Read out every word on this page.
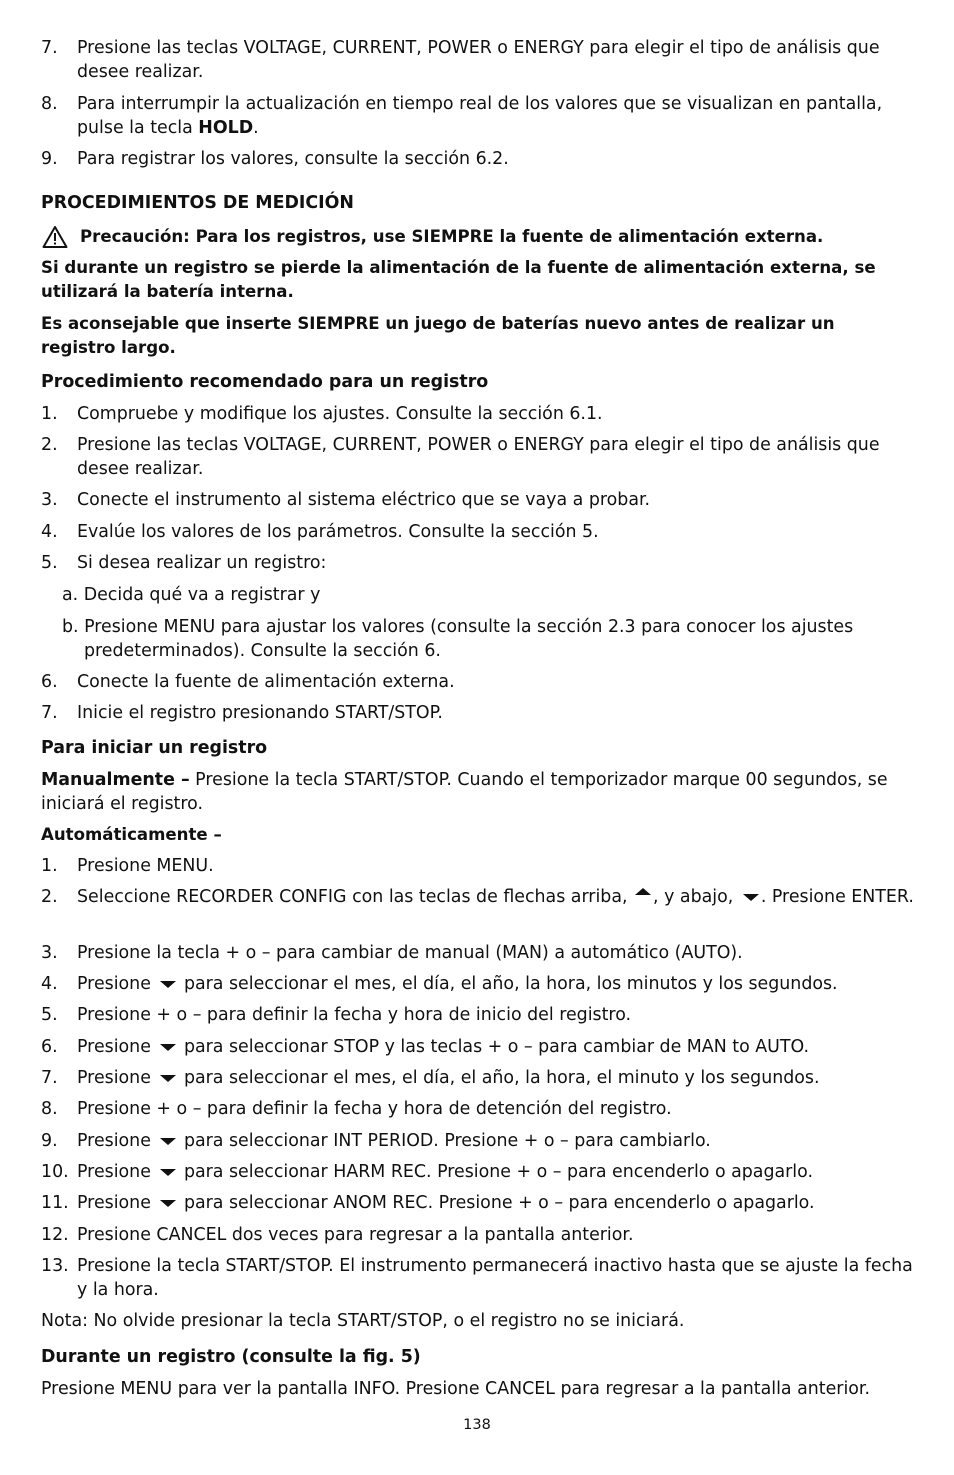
7. Presione las teclas VOLTAGE, CURRENT, POWER o ENERGY para elegir el tipo de análisis que desee realizar.
8. Para interrumpir la actualización en tiempo real de los valores que se visualizan en pantalla, pulse la tecla HOLD.
9. Para registrar los valores, consulte la sección 6.2.
PROCEDIMIENTOS DE MEDICIÓN
Precaución: Para los registros, use SIEMPRE la fuente de alimentación externa.
Si durante un registro se pierde la alimentación de la fuente de alimentación externa, se utilizará la batería interna.
Es aconsejable que inserte SIEMPRE un juego de baterías nuevo antes de realizar un registro largo.
Procedimiento recomendado para un registro
1. Compruebe y modifique los ajustes. Consulte la sección 6.1.
2. Presione las teclas VOLTAGE, CURRENT, POWER o ENERGY para elegir el tipo de análisis que desee realizar.
3. Conecte el instrumento al sistema eléctrico que se vaya a probar.
4. Evalúe los valores de los parámetros. Consulte la sección 5.
5. Si desea realizar un registro:
a. Decida qué va a registrar y
b. Presione MENU para ajustar los valores (consulte la sección 2.3 para conocer los ajustes predeterminados). Consulte la sección 6.
6. Conecte la fuente de alimentación externa.
7. Inicie el registro presionando START/STOP.
Para iniciar un registro
Manualmente – Presione la tecla START/STOP. Cuando el temporizador marque 00 segundos, se iniciará el registro.
Automáticamente –
1. Presione MENU.
2. Seleccione RECORDER CONFIG con las teclas de flechas arriba, , y abajo, . Presione ENTER.
3. Presione la tecla + o – para cambiar de manual (MAN) a automático (AUTO).
4. Presione  para seleccionar el mes, el día, el año, la hora, los minutos y los segundos.
5. Presione + o – para definir la fecha y hora de inicio del registro.
6. Presione  para seleccionar STOP y las teclas + o – para cambiar de MAN to AUTO.
7. Presione  para seleccionar el mes, el día, el año, la hora, el minuto y los segundos.
8. Presione + o – para definir la fecha y hora de detención del registro.
9. Presione  para seleccionar INT PERIOD. Presione + o – para cambiarlo.
10. Presione  para seleccionar HARM REC. Presione + o – para encenderlo o apagarlo.
11. Presione  para seleccionar ANOM REC. Presione + o – para encenderlo o apagarlo.
12. Presione CANCEL dos veces para regresar a la pantalla anterior.
13. Presione la tecla START/STOP. El instrumento permanecerá inactivo hasta que se ajuste la fecha y la hora.
Nota: No olvide presionar la tecla START/STOP, o el registro no se iniciará.
Durante un registro (consulte la fig. 5)
Presione MENU para ver la pantalla INFO. Presione CANCEL para regresar a la pantalla anterior.
138
